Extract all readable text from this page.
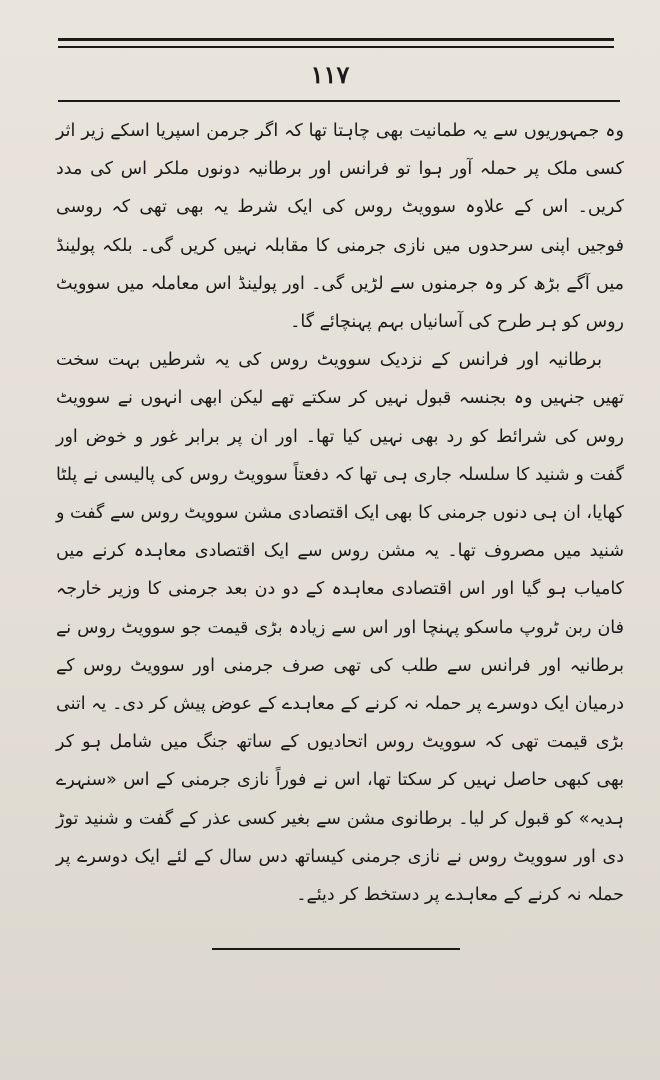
١١٧

وہ جمہوریوں سے یہ طمانیت بھی چاہتا تھا کہ اگر جرمن اسپریا اسکے زیر اثر کسی ملک پر حملہ آور ہوا تو فرانس اور برطانیہ دونوں ملکر اس کی مدد کریں۔ اس کے علاوہ سوویٹ روس کی ایک شرط یہ بھی تھی کہ روسی فوجیں اپنی سرحدوں میں نازی جرمنی کا مقابلہ نہیں کریں گی۔ بلکہ پولینڈ میں آگے بڑھ کر وہ جرمنوں سے لڑیں گی۔ اور پولینڈ اس معاملہ میں سوویٹ روس کو ہر طرح کی آسانیاں بہم پہنچائے گا۔

برطانیہ اور فرانس کے نزدیک سوویٹ روس کی یہ شرطیں بہت سخت تھیں جنہیں وہ بجنسہ قبول نہیں کر سکتے تھے لیکن ابھی انہوں نے سوویٹ روس کی شرائط کو رد بھی نہیں کیا تھا۔ اور ان پر برابر غور و خوض اور گفت و شنید کا سلسلہ جاری ہی تھا کہ دفعتاً سوویٹ روس کی پالیسی نے پلٹا کھایا، ان ہی دنوں جرمنی کا بھی ایک اقتصادی مشن سوویٹ روس سے گفت و شنید میں مصروف تھا۔ یہ مشن روس سے ایک اقتصادی معاہدہ کرنے میں کامیاب ہو گیا اور اس اقتصادی معاہدہ کے دو دن بعد جرمنی کا وزیر خارجہ فان ربن ٹروپ ماسکو پہنچا اور اس سے زیادہ بڑی قیمت جو سوویٹ روس نے برطانیہ اور فرانس سے طلب کی تھی صرف جرمنی اور سوویٹ روس کے درمیان ایک دوسرے پر حملہ نہ کرنے کے معاہدے کے عوض پیش کر دی۔ یہ اتنی بڑی قیمت تھی کہ سوویٹ روس اتحادیوں کے ساتھ جنگ میں شامل ہو کر بھی کبھی حاصل نہیں کر سکتا تھا، اس نے فوراً نازی جرمنی کے اس «سنہرے ہدیہ» کو قبول کر لیا۔ برطانوی مشن سے بغیر کسی عذر کے گفت و شنید توڑ دی اور سوویٹ روس نے نازی جرمنی کیساتھ دس سال کے لئے ایک دوسرے پر حملہ نہ کرنے کے معاہدے پر دستخط کر دیئے۔
